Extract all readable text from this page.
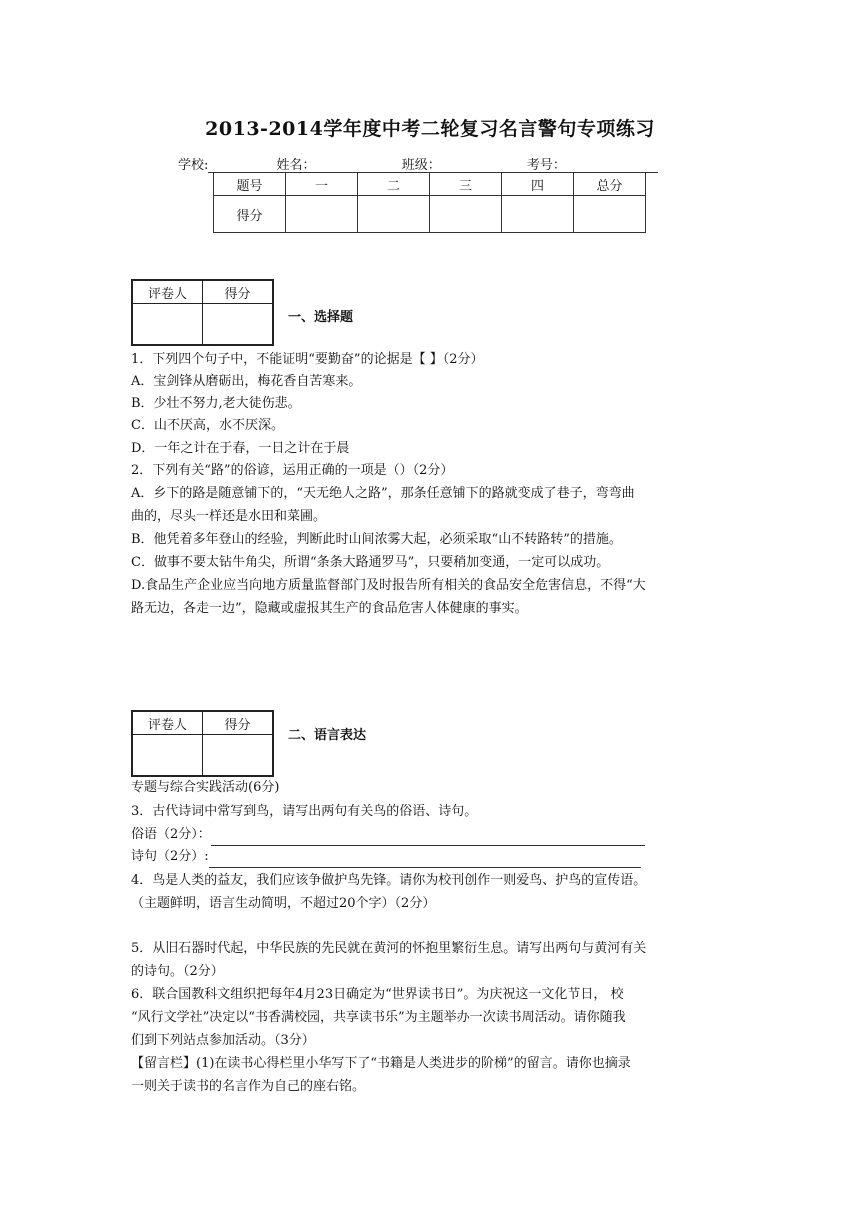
2013-2014学年度中考二轮复习名言警句专项练习
学校:	姓名：	班级：	考号：
题号	一	二	三	四	总分
得分					
评卷人	得分

一、选择题
1．下列四个句子中，不能证明“要勤奋”的论据是【 】（2分）
A．宝剑锋从磨砺出，梅花香自苦寒来。
B．少壮不努力,老大徒伤悲。
C．山不厌高，水不厌深。
D．一年之计在于春，一日之计在于晨
2．下列有关“路”的俗谚，运用正确的一项是（）（2分）
A．乡下的路是随意铺下的，“天无绝人之路”，那条任意铺下的路就变成了巷子，弯弯曲
曲的，尽头一样还是水田和菜圃。
B．他凭着多年登山的经验，判断此时山间浓雾大起，必须采取“山不转路转”的措施。
C．做事不要太钻牛角尖，所谓“条条大路通罗马”，只要稍加变通，一定可以成功。
D.食品生产企业应当向地方质量监督部门及时报告所有相关的食品安全危害信息，不得“大
路无边，各走一边”，隐藏或虚报其生产的食品危害人体健康的事实。
评卷人	得分

二、语言表达
专题与综合实践活动(6分)
3．古代诗词中常写到鸟，请写出两句有关鸟的俗语、诗句。
俗语（2分）：
诗句（2分）:
4．鸟是人类的益友，我们应该争做护鸟先锋。请你为校刊创作一则爱鸟、护鸟的宣传语。
（主题鲜明，语言生动简明，不超过20个字）（2分）
5．从旧石器时代起，中华民族的先民就在黄河的怀抱里繁衍生息。请写出两句与黄河有关
的诗句。（2分）
6．联合国教科文组织把每年4月23日确定为“世界读书日”。为庆祝这一文化节日， 校
“风行文学社”决定以“书香满校园，共享读书乐”为主题举办一次读书周活动。请你随我
们到下列站点参加活动。（3分）
【留言栏】(1)在读书心得栏里小华写下了“书籍是人类进步的阶梯”的留言。请你也摘录
一则关于读书的名言作为自己的座右铭。
